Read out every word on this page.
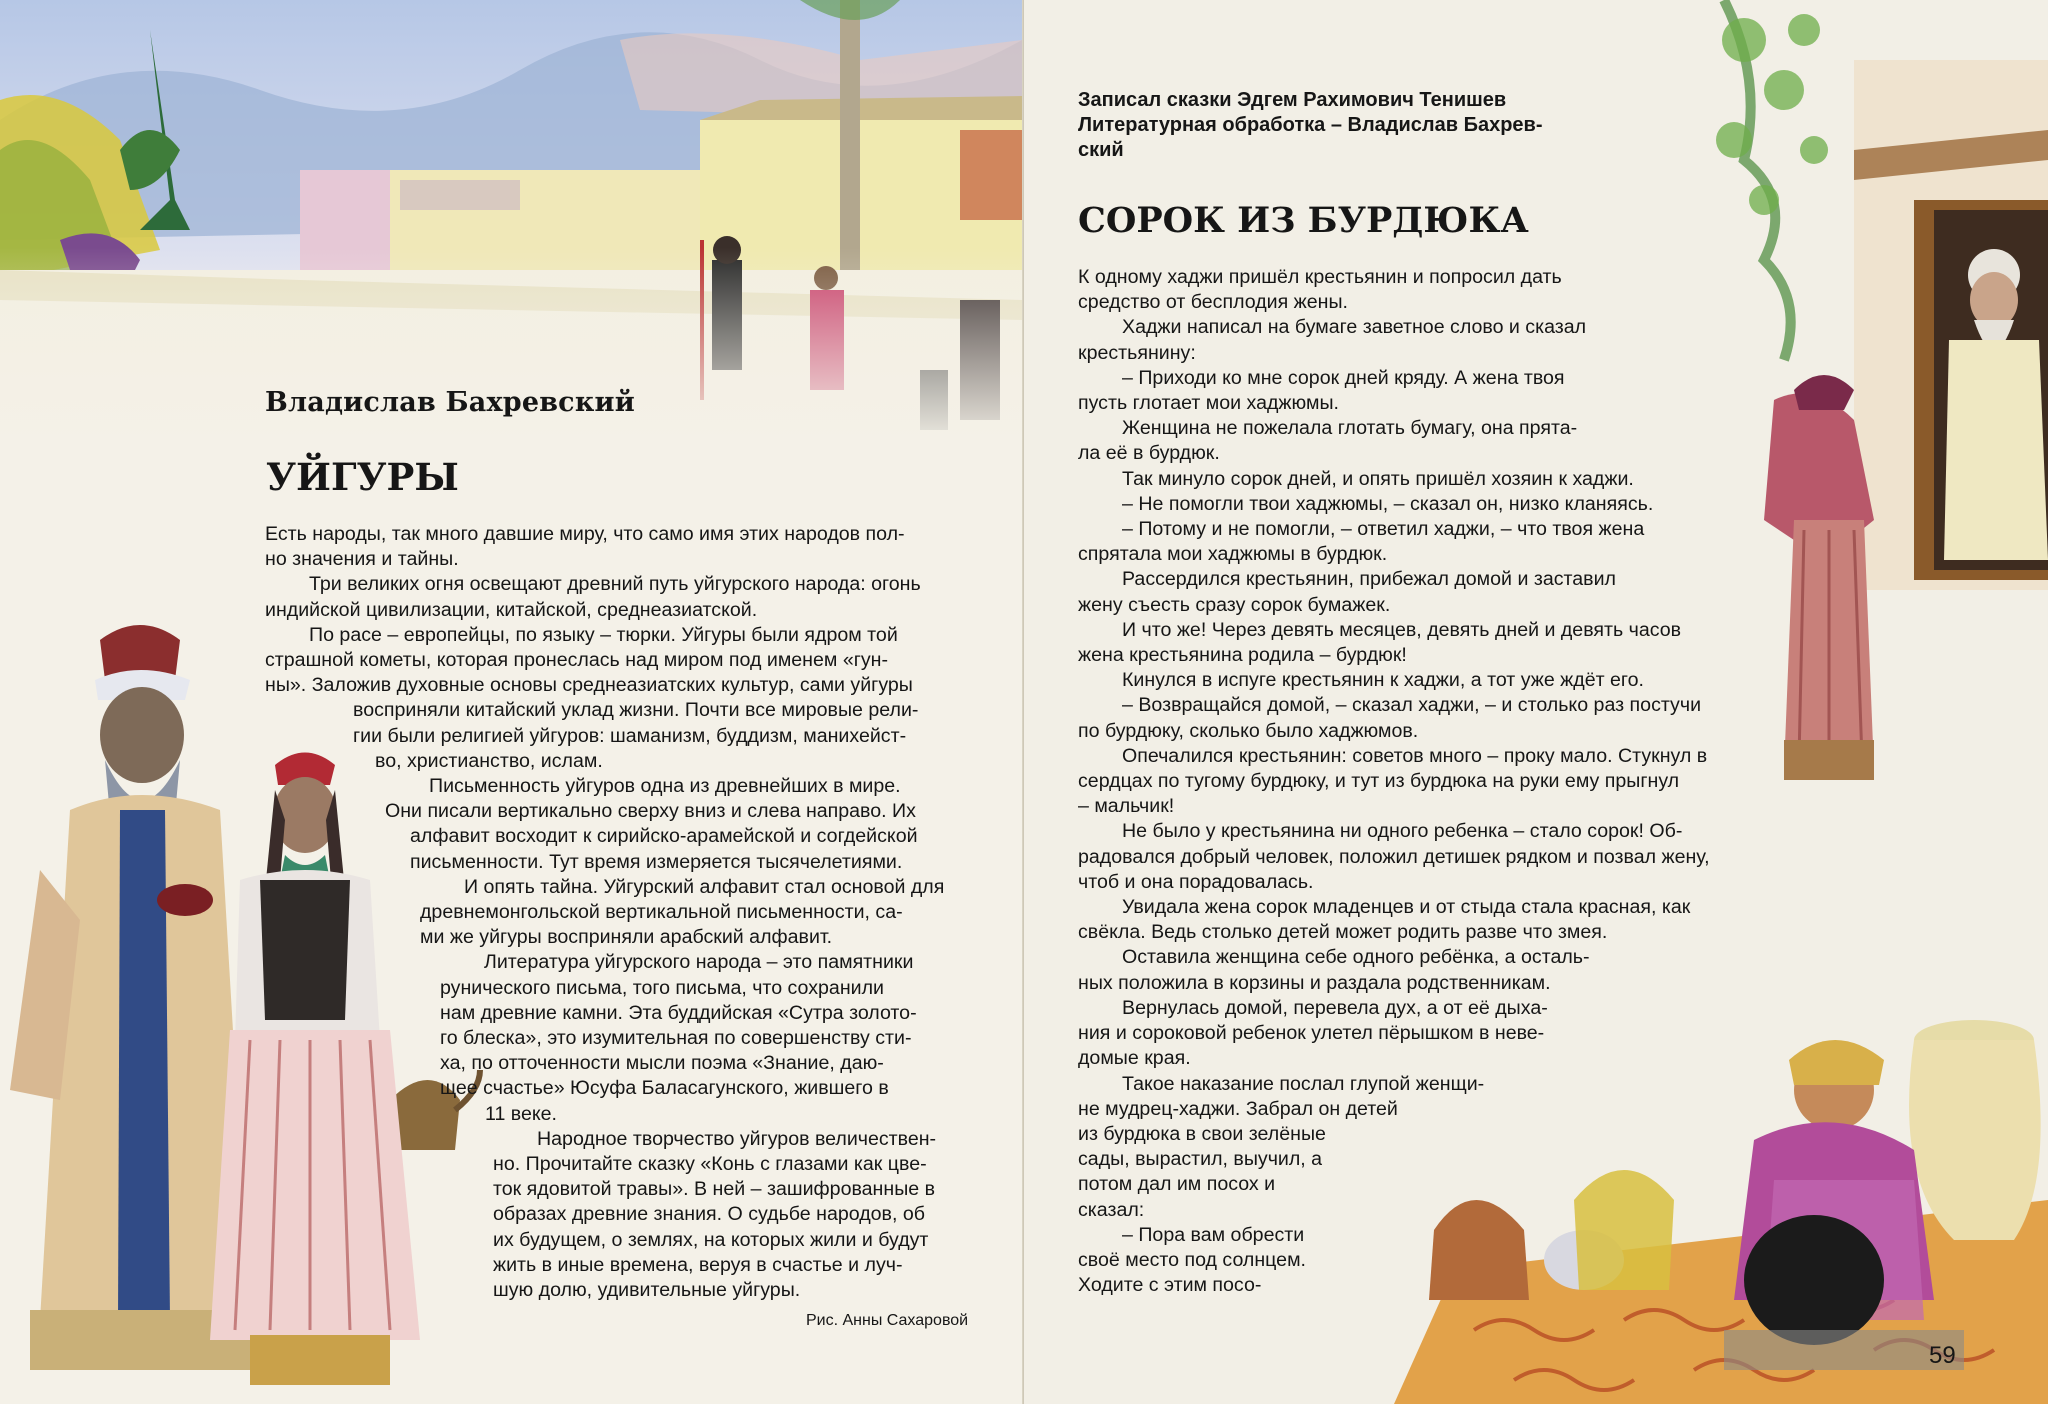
Владислав Бахревский
УЙГУРЫ
Есть народы, так много давшие миру, что само имя этих народов пол-
но значения и тайны.
Три великих огня освещают древний путь уйгурского народа: огонь
индийской цивилизации, китайской, среднеазиатской.
По расе – европейцы, по языку – тюрки. Уйгуры были ядром той
страшной кометы, которая пронеслась над миром под именем «гун-
ны». Заложив духовные основы среднеазиатских культур, сами уйгуры
восприняли китайский уклад жизни. Почти все мировые рели-
гии были религией уйгуров: шаманизм, буддизм, манихейст-
во, христианство, ислам.
Письменность уйгуров одна из древнейших в мире.
Они писали вертикально сверху вниз и слева направо. Их
алфавит восходит к сирийско-арамейской и согдейской
письменности. Тут время измеряется тысячелетиями.
И опять тайна. Уйгурский алфавит стал основой для
древнемонгольской вертикальной письменности, са-
ми же уйгуры восприняли арабский алфавит.
Литература уйгурского народа – это памятники
рунического письма, того письма, что сохранили
нам древние камни. Эта буддийская «Сутра золото-
го блеска», это изумительная по совершенству сти-
ха, по отточенности мысли поэма «Знание, даю-
щее счастье» Юсуфа Баласагунского, жившего в
11 веке.
Народное творчество уйгуров величествен-
но. Прочитайте сказку «Конь с глазами как цве-
ток ядовитой травы». В ней – зашифрованные в
образах древние знания. О судьбе народов, об
их будущем, о землях, на которых жили и будут
жить в иные времена, веруя в счастье и луч-
шую долю, удивительные уйгуры.
Рис. Анны Сахаровой
Записал сказки Эдгем Рахимович Тенишев
Литературная обработка – Владислав Бахрев-
ский
СОРОК ИЗ БУРДЮКА
К одному хаджи пришёл крестьянин и попросил дать
средство от бесплодия жены.
Хаджи написал на бумаге заветное слово и сказал
крестьянину:
– Приходи ко мне сорок дней кряду. А жена твоя
пусть глотает мои хаджюмы.
Женщина не пожелала глотать бумагу, она прята-
ла её в бурдюк.
Так минуло сорок дней, и опять пришёл хозяин к хаджи.
– Не помогли твои хаджюмы, – сказал он, низко кланяясь.
– Потому и не помогли, – ответил хаджи, – что твоя жена
спрятала мои хаджюмы в бурдюк.
Рассердился крестьянин, прибежал домой и заставил
жену съесть сразу сорок бумажек.
И что же! Через девять месяцев, девять дней и девять часов
жена крестьянина родила – бурдюк!
Кинулся в испуге крестьянин к хаджи, а тот уже ждёт его.
– Возвращайся домой, – сказал хаджи, – и столько раз постучи
по бурдюку, сколько было хаджюмов.
Опечалился крестьянин: советов много – проку мало. Стукнул в
сердцах по тугому бурдюку, и тут из бурдюка на руки ему прыгнул
– мальчик!
Не было у крестьянина ни одного ребенка – стало сорок! Об-
радовался добрый человек, положил детишек рядком и позвал жену,
чтоб и она порадовалась.
Увидала жена сорок младенцев и от стыда стала красная, как
свёкла. Ведь столько детей может родить разве что змея.
Оставила женщина себе одного ребёнка, а осталь-
ных положила в корзины и раздала родственникам.
Вернулась домой, перевела дух, а от её дыха-
ния и сороковой ребенок улетел пёрышком в неве-
домые края.
Такое наказание послал глупой женщи-
не мудрец-хаджи. Забрал он детей
из бурдюка в свои зелёные
сады, вырастил, выучил, а
потом дал им посох и
сказал:
– Пора вам обрести
своё место под солнцем.
Ходите с этим посо-
59
